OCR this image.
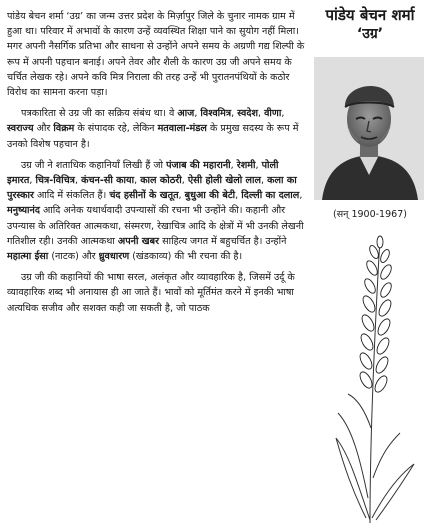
पांडेय बेचन शर्मा ‘उग्र’ का जन्म उत्तर प्रदेश के मिर्ज़ापुर जिले के चुनार नामक ग्राम में हुआ था। परिवार में अभावों के कारण उन्हें व्यवस्थित शिक्षा पाने का सुयोग नहीं मिला। मगर अपनी नैसर्गिक प्रतिभा और साधना से उन्होंने अपने समय के अग्रणी गद्य शिल्पी के रूप में अपनी पहचान बनाई। अपने तेवर और शैली के कारण उग्र जी अपने समय के चर्चित लेखक रहे। अपने कवि मित्र निराला की तरह उन्हें भी पुरातनपंथियों के कठोर विरोध का सामना करना पड़ा।

पत्रकारिता से उग्र जी का सक्रिय संबंध था। वे आज, विश्वमित्र, स्वदेश, वीणा, स्वराज्य और विक्रम के संपादक रहे, लेकिन मतवाला-मंडल के प्रमुख सदस्य के रूप में उनको विशेष पहचान है।

उग्र जी ने शताधिक कहानियाँ लिखी हैं जो पंजाब की महारानी, रेशमी, पोली इमारत, चित्र-विचित्र, कंचन-सी काया, काल कोठरी, ऐसी होली खेलो लाल, कला का पुरस्कार आदि में संकलित हैं। चंद हसीनों के खतूत, बुधुआ की बेटी, दिल्ली का दलाल, मनुष्यानंद आदि अनेक यथार्थवादी उपन्यासों की रचना भी उन्होंने की। कहानी और उपन्यास के अतिरिक्त आत्मकथा, संस्मरण, रेखाचित्र आदि के क्षेत्रों में भी उनकी लेखनी गतिशील रही। उनकी आत्मकथा अपनी खबर साहित्य जगत में बहुचर्चित है। उन्होंने महात्मा ईसा (नाटक) और ध्रुवधारण (खंडकाव्य) की भी रचना की है।

उग्र जी की कहानियों की भाषा सरल, अलंकृत और व्यावहारिक है, जिसमें उर्दू के व्यावहारिक शब्द भी अनायास ही आ जाते हैं। भावों को मूर्तिमंत करने में इनकी भाषा अत्यधिक सजीव और सशक्त कही जा सकती है, जो पाठक

पांडेय बेचन शर्मा
‘उग्र’
(सन् 1900-1967)
